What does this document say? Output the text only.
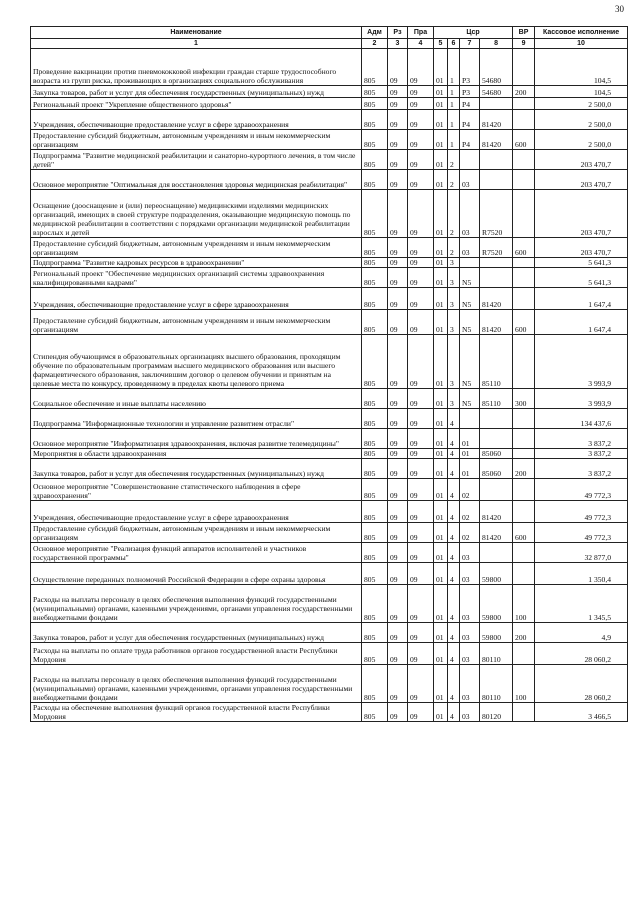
30
Наименование	Адм	Рз	Пра	Цср				ВР	Кассовое исполнение
1	2	3	4	5	6	7	8	9	10
Проведение вакцинации против пневмококковой инфекции граждан старше трудоспособного возраста из групп риска, проживающих в организациях социального обслуживания	805	09	09	01	1	P3	54680		104,5
Закупка товаров, работ и услуг для обеспечения государственных (муниципальных) нужд	805	09	09	01	1	P3	54680	200	104,5
Региональный проект "Укрепление общественного здоровья"	805	09	09	01	1	P4			2 500,0
Учреждения, обеспечивающие предоставление услуг в сфере здравоохранения	805	09	09	01	1	P4	81420		2 500,0
Предоставление субсидий бюджетным, автономным учреждениям и иным некоммерческим организациям	805	09	09	01	1	P4	81420	600	2 500,0
Подпрограмма "Развитие медицинской реабилитации и санаторно-курортного лечения, в том числе детей"	805	09	09	01	2				203 470,7
Основное мероприятие "Оптимальная для восстановления здоровья медицинская реабилитация"	805	09	09	01	2	03			203 470,7
Оснащение (дооснащение и (или) переоснащение) медицинскими изделиями медицинских организаций, имеющих в своей структуре подразделения, оказывающие медицинскую помощь по медицинской реабилитации в соответствии с порядками организации медицинской реабилитации взрослых и детей	805	09	09	01	2	03	R7520		203 470,7
Предоставление субсидий бюджетным, автономным учреждениям и иным некоммерческим организациям	805	09	09	01	2	03	R7520	600	203 470,7
Подпрограмма "Развитие кадровых ресурсов в здравоохранении"	805	09	09	01	3				5 641,3
Региональный проект "Обеспечение медицинских организаций системы здравоохранения квалифицированными кадрами"	805	09	09	01	3	N5			5 641,3
Учреждения, обеспечивающие предоставление услуг в сфере здравоохранения	805	09	09	01	3	N5	81420		1 647,4
Предоставление субсидий бюджетным, автономным учреждениям и иным некоммерческим организациям	805	09	09	01	3	N5	81420	600	1 647,4
Стипендия обучающимся в образовательных организациях высшего образования, проходящим обучение по образовательным программам высшего медицинского образования или высшего фармацевтического образования, заключившим договор о целевом обучении и принятым на целевые места по конкурсу, проведенному в пределах квоты целевого приема	805	09	09	01	3	N5	85110		3 993,9
Социальное обеспечение и иные выплаты населению	805	09	09	01	3	N5	85110	300	3 993,9
Подпрограмма "Информационные технологии и управление развитием отрасли"	805	09	09	01	4				134 437,6
Основное мероприятие "Информатизация здравоохранения, включая развитие телемедицины"	805	09	09	01	4	01			3 837,2
Мероприятия в области здравоохранения	805	09	09	01	4	01	85060		3 837,2
Закупка товаров, работ и услуг для обеспечения государственных (муниципальных) нужд	805	09	09	01	4	01	85060	200	3 837,2
Основное мероприятие "Совершенствование статистического наблюдения в сфере здравоохранения"	805	09	09	01	4	02			49 772,3
Учреждения, обеспечивающие предоставление услуг в сфере здравоохранения	805	09	09	01	4	02	81420		49 772,3
Предоставление субсидий бюджетным, автономным учреждениям и иным некоммерческим организациям	805	09	09	01	4	02	81420	600	49 772,3
Основное мероприятие "Реализация функций аппаратов исполнителей и участников государственной программы"	805	09	09	01	4	03			32 877,0
Осуществление переданных полномочий Российской Федерации в сфере охраны здоровья	805	09	09	01	4	03	59800		1 350,4
Расходы на выплаты персоналу в целях обеспечения выполнения функций государственными (муниципальными) органами, казенными учреждениями, органами управления государственными внебюджетными фондами	805	09	09	01	4	03	59800	100	1 345,5
Закупка товаров, работ и услуг для обеспечения государственных (муниципальных) нужд	805	09	09	01	4	03	59800	200	4,9
Расходы на выплаты по оплате труда работников органов государственной власти Республики Мордовия	805	09	09	01	4	03	80110		28 060,2
Расходы на выплаты персоналу в целях обеспечения выполнения функций государственными (муниципальными) органами, казенными учреждениями, органами управления государственными внебюджетными фондами	805	09	09	01	4	03	80110	100	28 060,2
Расходы на обеспечение выполнения функций органов государственной власти Республики Мордовия	805	09	09	01	4	03	80120		3 466,5
